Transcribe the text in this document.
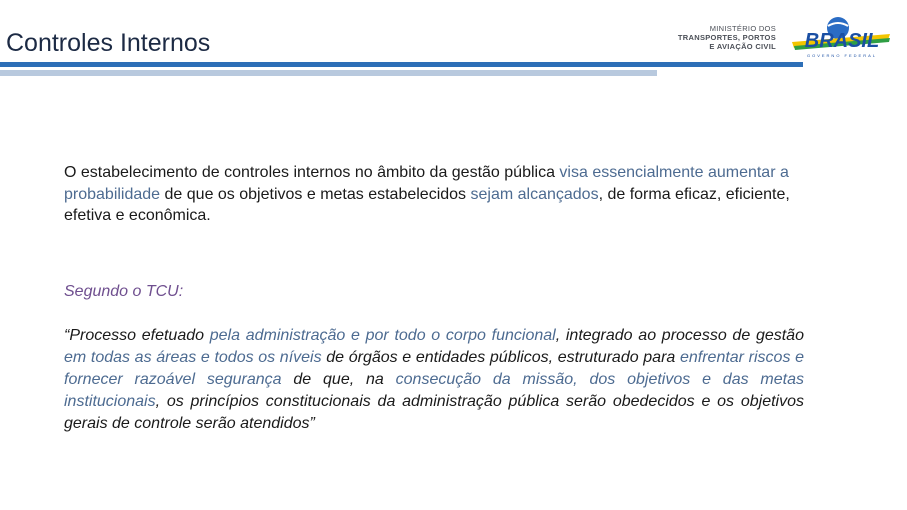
Controles Internos
MINISTÉRIO DOS
TRANSPORTES, PORTOS
E AVIAÇÃO CIVIL BRASIL
GOVERNO FEDERAL

O estabelecimento de controles internos no âmbito da gestão pública visa essencialmente aumentar a probabilidade de que os objetivos e metas estabelecidos sejam alcançados, de forma eficaz, eficiente, efetiva e econômica.

Segundo o TCU:

“Processo efetuado pela administração e por todo o corpo funcional, integrado ao processo de gestão em todas as áreas e todos os níveis de órgãos e entidades públicos, estruturado para enfrentar riscos e fornecer razoável segurança de que, na consecução da missão, dos objetivos e das metas institucionais, os princípios constitucionais da administração pública serão obedecidos e os objetivos gerais de controle serão atendidos”
